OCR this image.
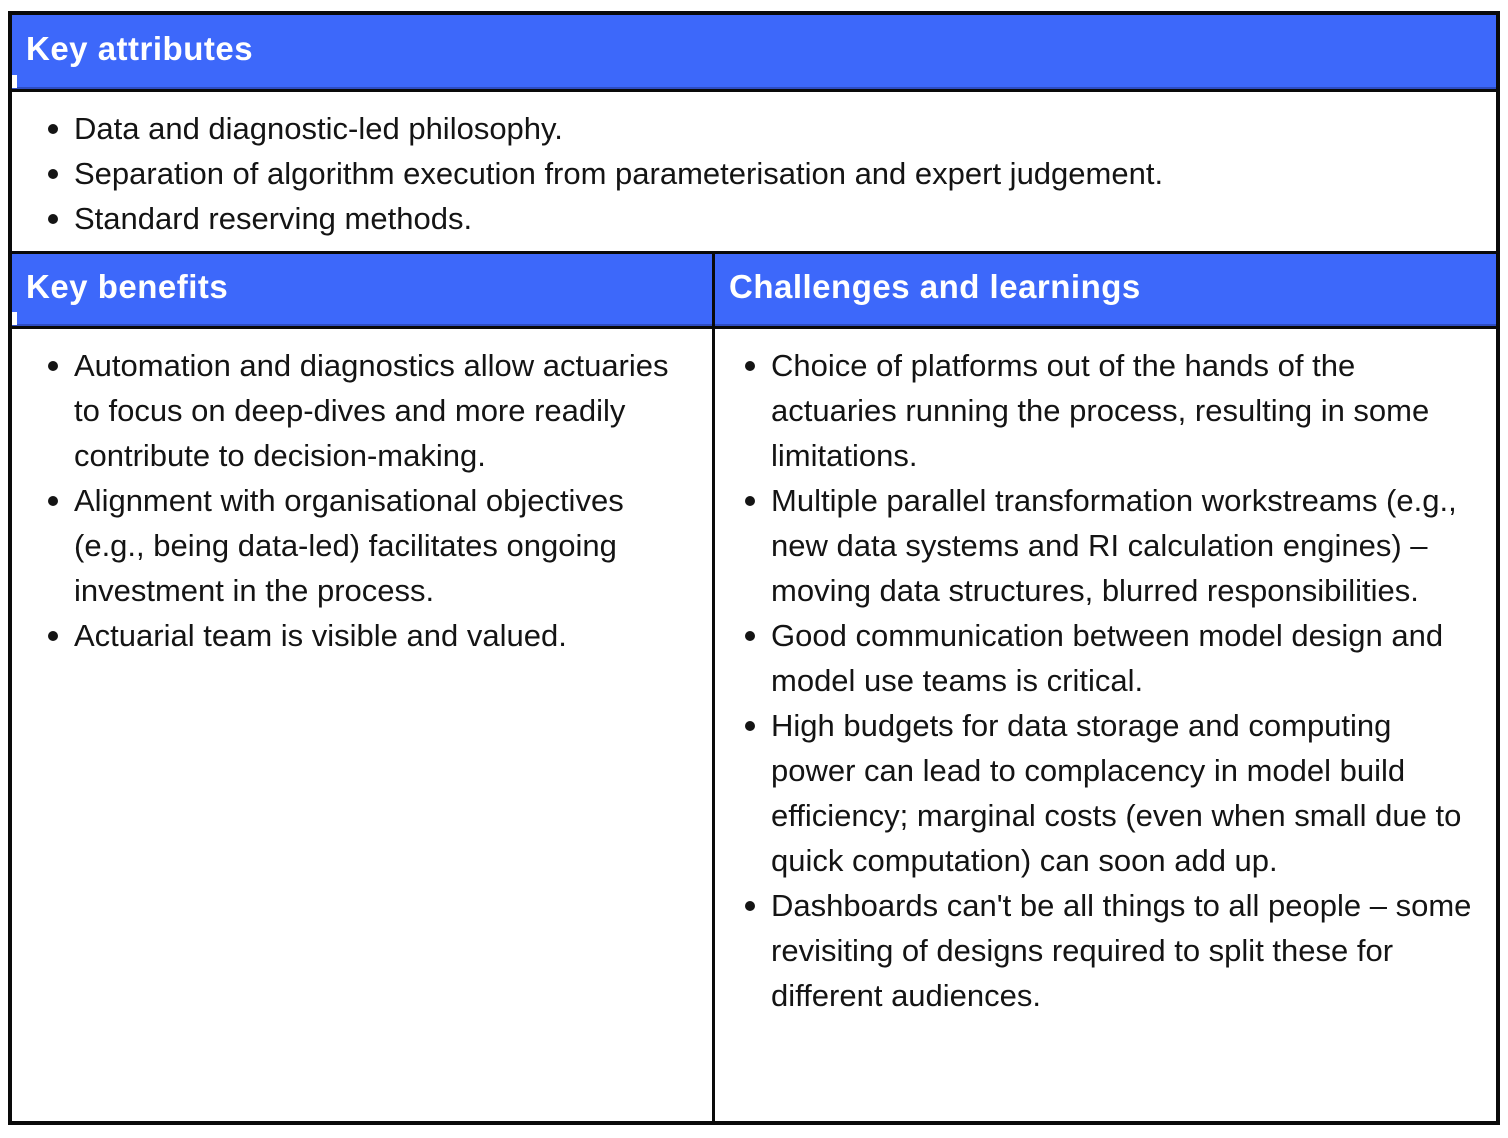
Key attributes
Data and diagnostic-led philosophy.
Separation of algorithm execution from parameterisation and expert judgement.
Standard reserving methods.
Key benefits	Challenges and learnings
Automation and diagnostics allow actuaries to focus on deep-dives and more readily contribute to decision-making.
Alignment with organisational objectives (e.g., being data-led) facilitates ongoing investment in the process.
Actuarial team is visible and valued.
Choice of platforms out of the hands of the actuaries running the process, resulting in some limitations.
Multiple parallel transformation workstreams (e.g., new data systems and RI calculation engines) – moving data structures, blurred responsibilities.
Good communication between model design and model use teams is critical.
High budgets for data storage and computing power can lead to complacency in model build efficiency; marginal costs (even when small due to quick computation) can soon add up.
Dashboards can't be all things to all people – some revisiting of designs required to split these for different audiences.
